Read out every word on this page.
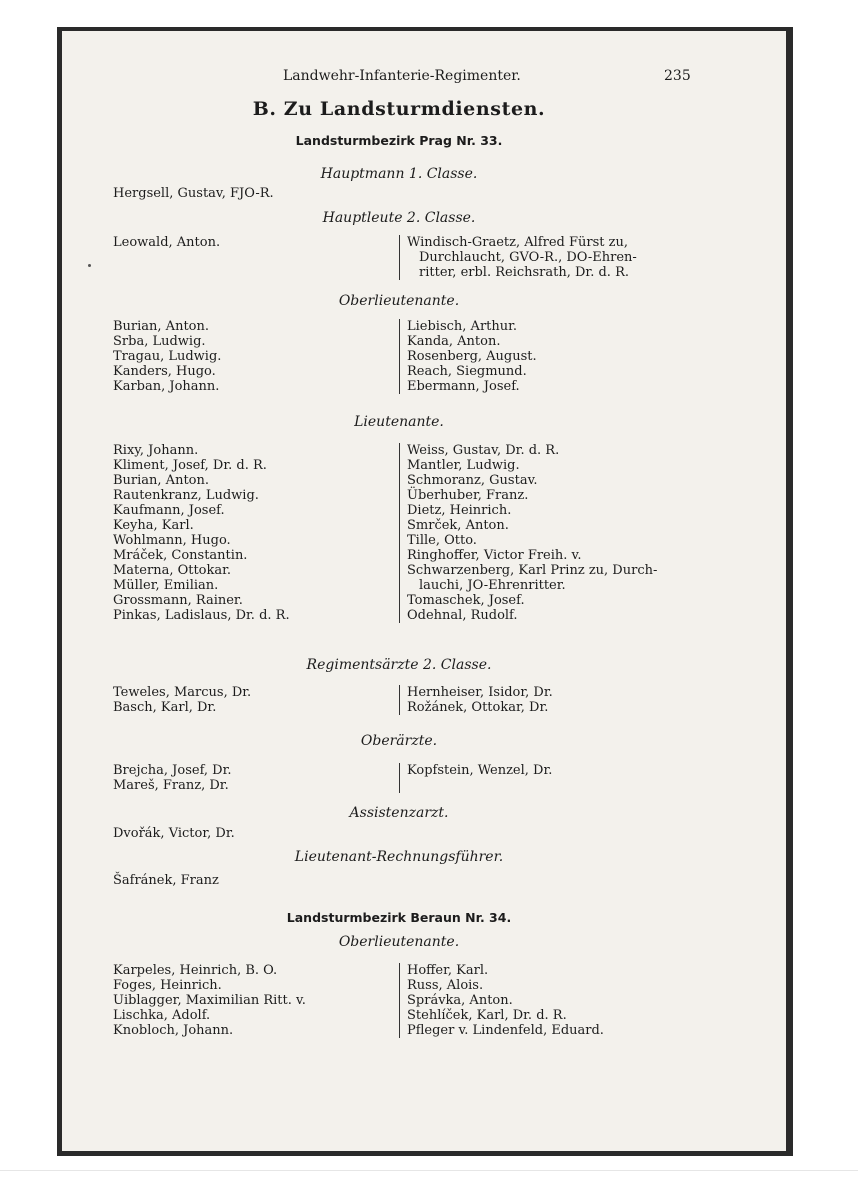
Landwehr-Infanterie-Regimenter.	235
B. Zu Landsturmdiensten.
Landsturmbezirk Prag Nr. 33.
Hauptmann 1. Classe.
Hergsell, Gustav, FJO-R.
Hauptleute 2. Classe.
Leowald, Anton.	Windisch-Graetz, Alfred Fürst zu,
Durchlaucht, GVO-R., DO-Ehren-
ritter, erbl. Reichsrath, Dr. d. R.
Oberlieutenante.
Burian, Anton.
Srba, Ludwig.
Tragau, Ludwig.
Kanders, Hugo.
Karban, Johann.
Liebisch, Arthur.
Kanda, Anton.
Rosenberg, August.
Reach, Siegmund.
Ebermann, Josef.
Lieutenante.
Rixy, Johann.
Kliment, Josef, Dr. d. R.
Burian, Anton.
Rautenkranz, Ludwig.
Kaufmann, Josef.
Keyha, Karl.
Wohlmann, Hugo.
Mráček, Constantin.
Materna, Ottokar.
Müller, Emilian.
Grossmann, Rainer.
Pinkas, Ladislaus, Dr. d. R.
Weiss, Gustav, Dr. d. R.
Mantler, Ludwig.
Schmoranz, Gustav.
Überhuber, Franz.
Dietz, Heinrich.
Smrček, Anton.
Tille, Otto.
Ringhoffer, Victor Freih. v.
Schwarzenberg, Karl Prinz zu, Durch-
lauchi, JO-Ehrenritter.
Tomaschek, Josef.
Odehnal, Rudolf.
Regimentsärzte 2. Classe.
Teweles, Marcus, Dr.
Basch, Karl, Dr.
Hernheiser, Isidor, Dr.
Rožánek, Ottokar, Dr.
Oberärzte.
Brejcha, Josef, Dr.
Mareš, Franz, Dr.
Kopfstein, Wenzel, Dr.
Assistenzarzt.
Dvořák, Victor, Dr.
Lieutenant-Rechnungsführer.
Šafránek, Franz
Landsturmbezirk Beraun Nr. 34.
Oberlieutenante.
Karpeles, Heinrich, B. O.
Foges, Heinrich.
Uiblagger, Maximilian Ritt. v.
Lischka, Adolf.
Knobloch, Johann.
Hoffer, Karl.
Russ, Alois.
Správka, Anton.
Stehlíček, Karl, Dr. d. R.
Pfleger v. Lindenfeld, Eduard.
